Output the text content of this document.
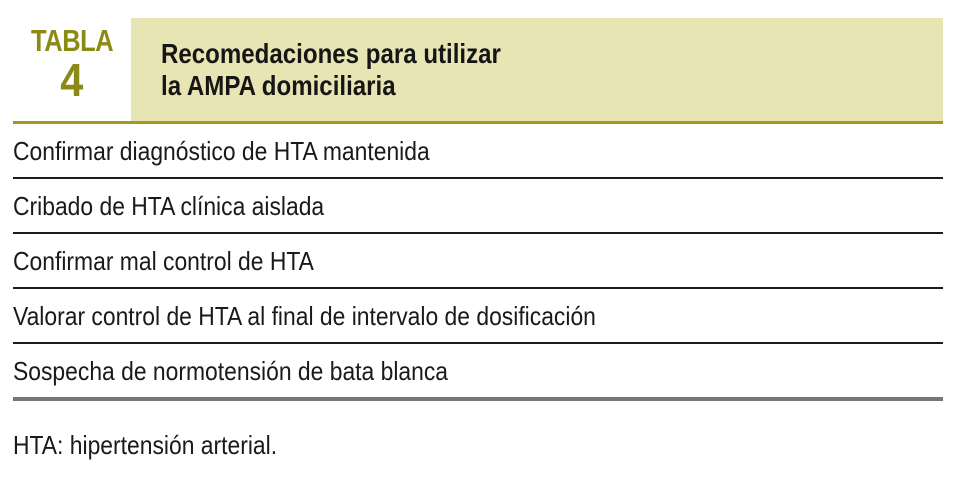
TABLA
4
Recomedaciones para utilizar
la AMPA domiciliaria
Confirmar diagnóstico de HTA mantenida
Cribado de HTA clínica aislada
Confirmar mal control de HTA
Valorar control de HTA al final de intervalo de dosificación
Sospecha de normotensión de bata blanca
HTA: hipertensión arterial.
